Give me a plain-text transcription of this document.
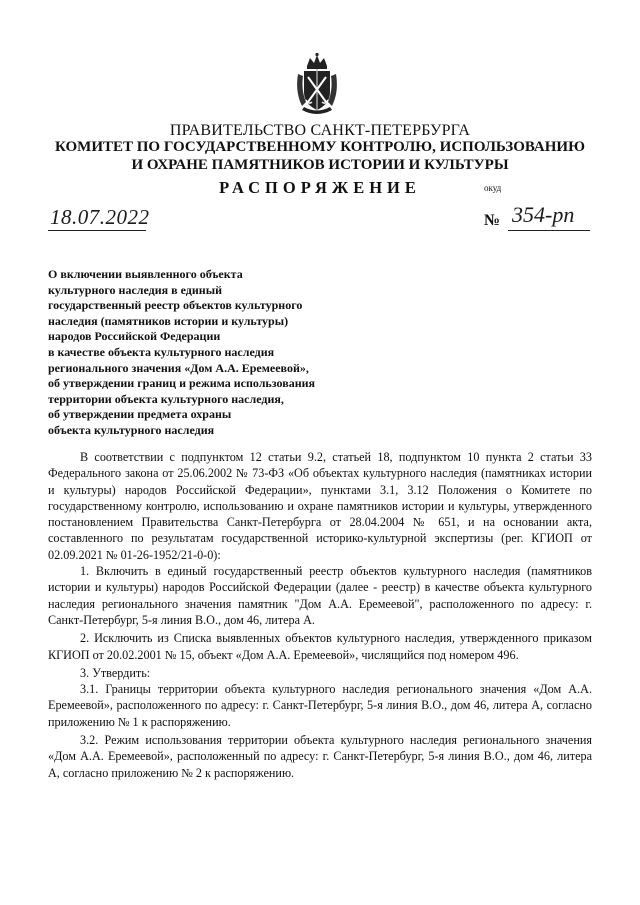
ПРАВИТЕЛЬСТВО САНКТ-ПЕТЕРБУРГА
КОМИТЕТ ПО ГОСУДАРСТВЕННОМУ КОНТРОЛЮ, ИСПОЛЬЗОВАНИЮ
И ОХРАНЕ ПАМЯТНИКОВ ИСТОРИИ И КУЛЬТУРЫ
РАСПОРЯЖЕНИЕ	окуд
18.07.2022	№ 354-рп
О включении выявленного объекта
культурного наследия в единый
государственный реестр объектов культурного
наследия (памятников истории и культуры)
народов Российской Федерации
в качестве объекта культурного наследия
регионального значения «Дом А.А. Еремеевой»,
об утверждении границ и режима использования
территории объекта культурного наследия,
об утверждении предмета охраны
объекта культурного наследия

В соответствии с подпунктом 12 статьи 9.2, статьей 18, подпунктом 10 пункта 2 статьи 33 Федерального закона от 25.06.2002 № 73-ФЗ «Об объектах культурного наследия (памятниках истории и культуры) народов Российской Федерации», пунктами 3.1, 3.12 Положения о Комитете по государственному контролю, использованию и охране памятников истории и культуры, утвержденного постановлением Правительства Санкт-Петербурга от 28.04.2004 № 651, и на основании акта, составленного по результатам государственной историко-культурной экспертизы (рег. КГИОП от 02.09.2021 № 01-26-1952/21-0-0):

1. Включить в единый государственный реестр объектов культурного наследия (памятников истории и культуры) народов Российской Федерации (далее - реестр) в качестве объекта культурного наследия регионального значения памятник "Дом А.А. Еремеевой", расположенного по адресу: г. Санкт-Петербург, 5-я линия В.О., дом 46, литера А.

2. Исключить из Списка выявленных объектов культурного наследия, утвержденного приказом КГИОП от 20.02.2001 № 15, объект «Дом А.А. Еремеевой», числящийся под номером 496.

3. Утвердить:

3.1. Границы территории объекта культурного наследия регионального значения «Дом А.А. Еремеевой», расположенного по адресу: г. Санкт-Петербург, 5-я линия В.О., дом 46, литера А, согласно приложению № 1 к распоряжению.

3.2. Режим использования территории объекта культурного наследия регионального значения «Дом А.А. Еремеевой», расположенный по адресу: г. Санкт-Петербург, 5-я линия В.О., дом 46, литера А, согласно приложению № 2 к распоряжению.
